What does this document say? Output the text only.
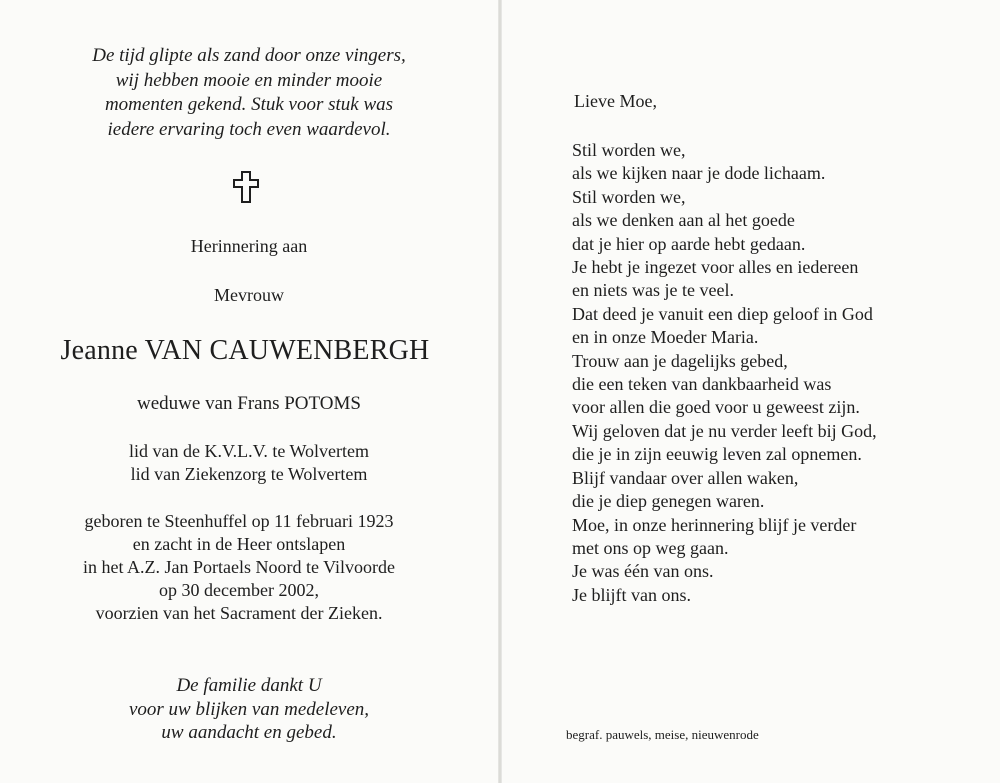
De tijd glipte als zand door onze vingers,
wij hebben mooie en minder mooie
momenten gekend. Stuk voor stuk was
iedere ervaring toch even waardevol.
Herinnering aan
Mevrouw
Jeanne VAN CAUWENBERGH
weduwe van Frans POTOMS
lid van de K.V.L.V. te Wolvertem
lid van Ziekenzorg te Wolvertem
geboren te Steenhuffel op 11 februari 1923
en zacht in de Heer ontslapen
in het A.Z. Jan Portaels Noord te Vilvoorde
op 30 december 2002,
voorzien van het Sacrament der Zieken.
De familie dankt U
voor uw blijken van medeleven,
uw aandacht en gebed.
Lieve Moe,
Stil worden we,
als we kijken naar je dode lichaam.
Stil worden we,
als we denken aan al het goede
dat je hier op aarde hebt gedaan.
Je hebt je ingezet voor alles en iedereen
en niets was je te veel.
Dat deed je vanuit een diep geloof in God
en in onze Moeder Maria.
Trouw aan je dagelijks gebed,
die een teken van dankbaarheid was
voor allen die goed voor u geweest zijn.
Wij geloven dat je nu verder leeft bij God,
die je in zijn eeuwig leven zal opnemen.
Blijf vandaar over allen waken,
die je diep genegen waren.
Moe, in onze herinnering blijf je verder
met ons op weg gaan.
Je was één van ons.
Je blijft van ons.
begraf. pauwels, meise, nieuwenrode
